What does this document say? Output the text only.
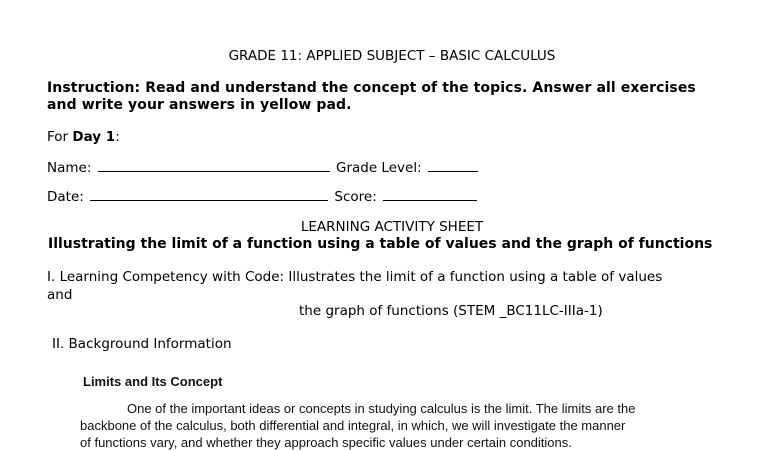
GRADE 11: APPLIED SUBJECT – BASIC CALCULUS
Instruction: Read and understand the concept of the topics. Answer all exercises
and write your answers in yellow pad.
For Day 1:
Name:	Grade Level:
Date:	Score:
LEARNING ACTIVITY SHEET
Illustrating the limit of a function using a table of values and the graph of functions
I. Learning Competency with Code: Illustrates the limit of a function using a table of values
and
the graph of functions (STEM _BC11LC-IIIa-1)
II. Background Information
Limits and Its Concept
One of the important ideas or concepts in studying calculus is the limit. The limits are the
backbone of the calculus, both differential and integral, in which, we will investigate the manner
of functions vary, and whether they approach specific values under certain conditions.
